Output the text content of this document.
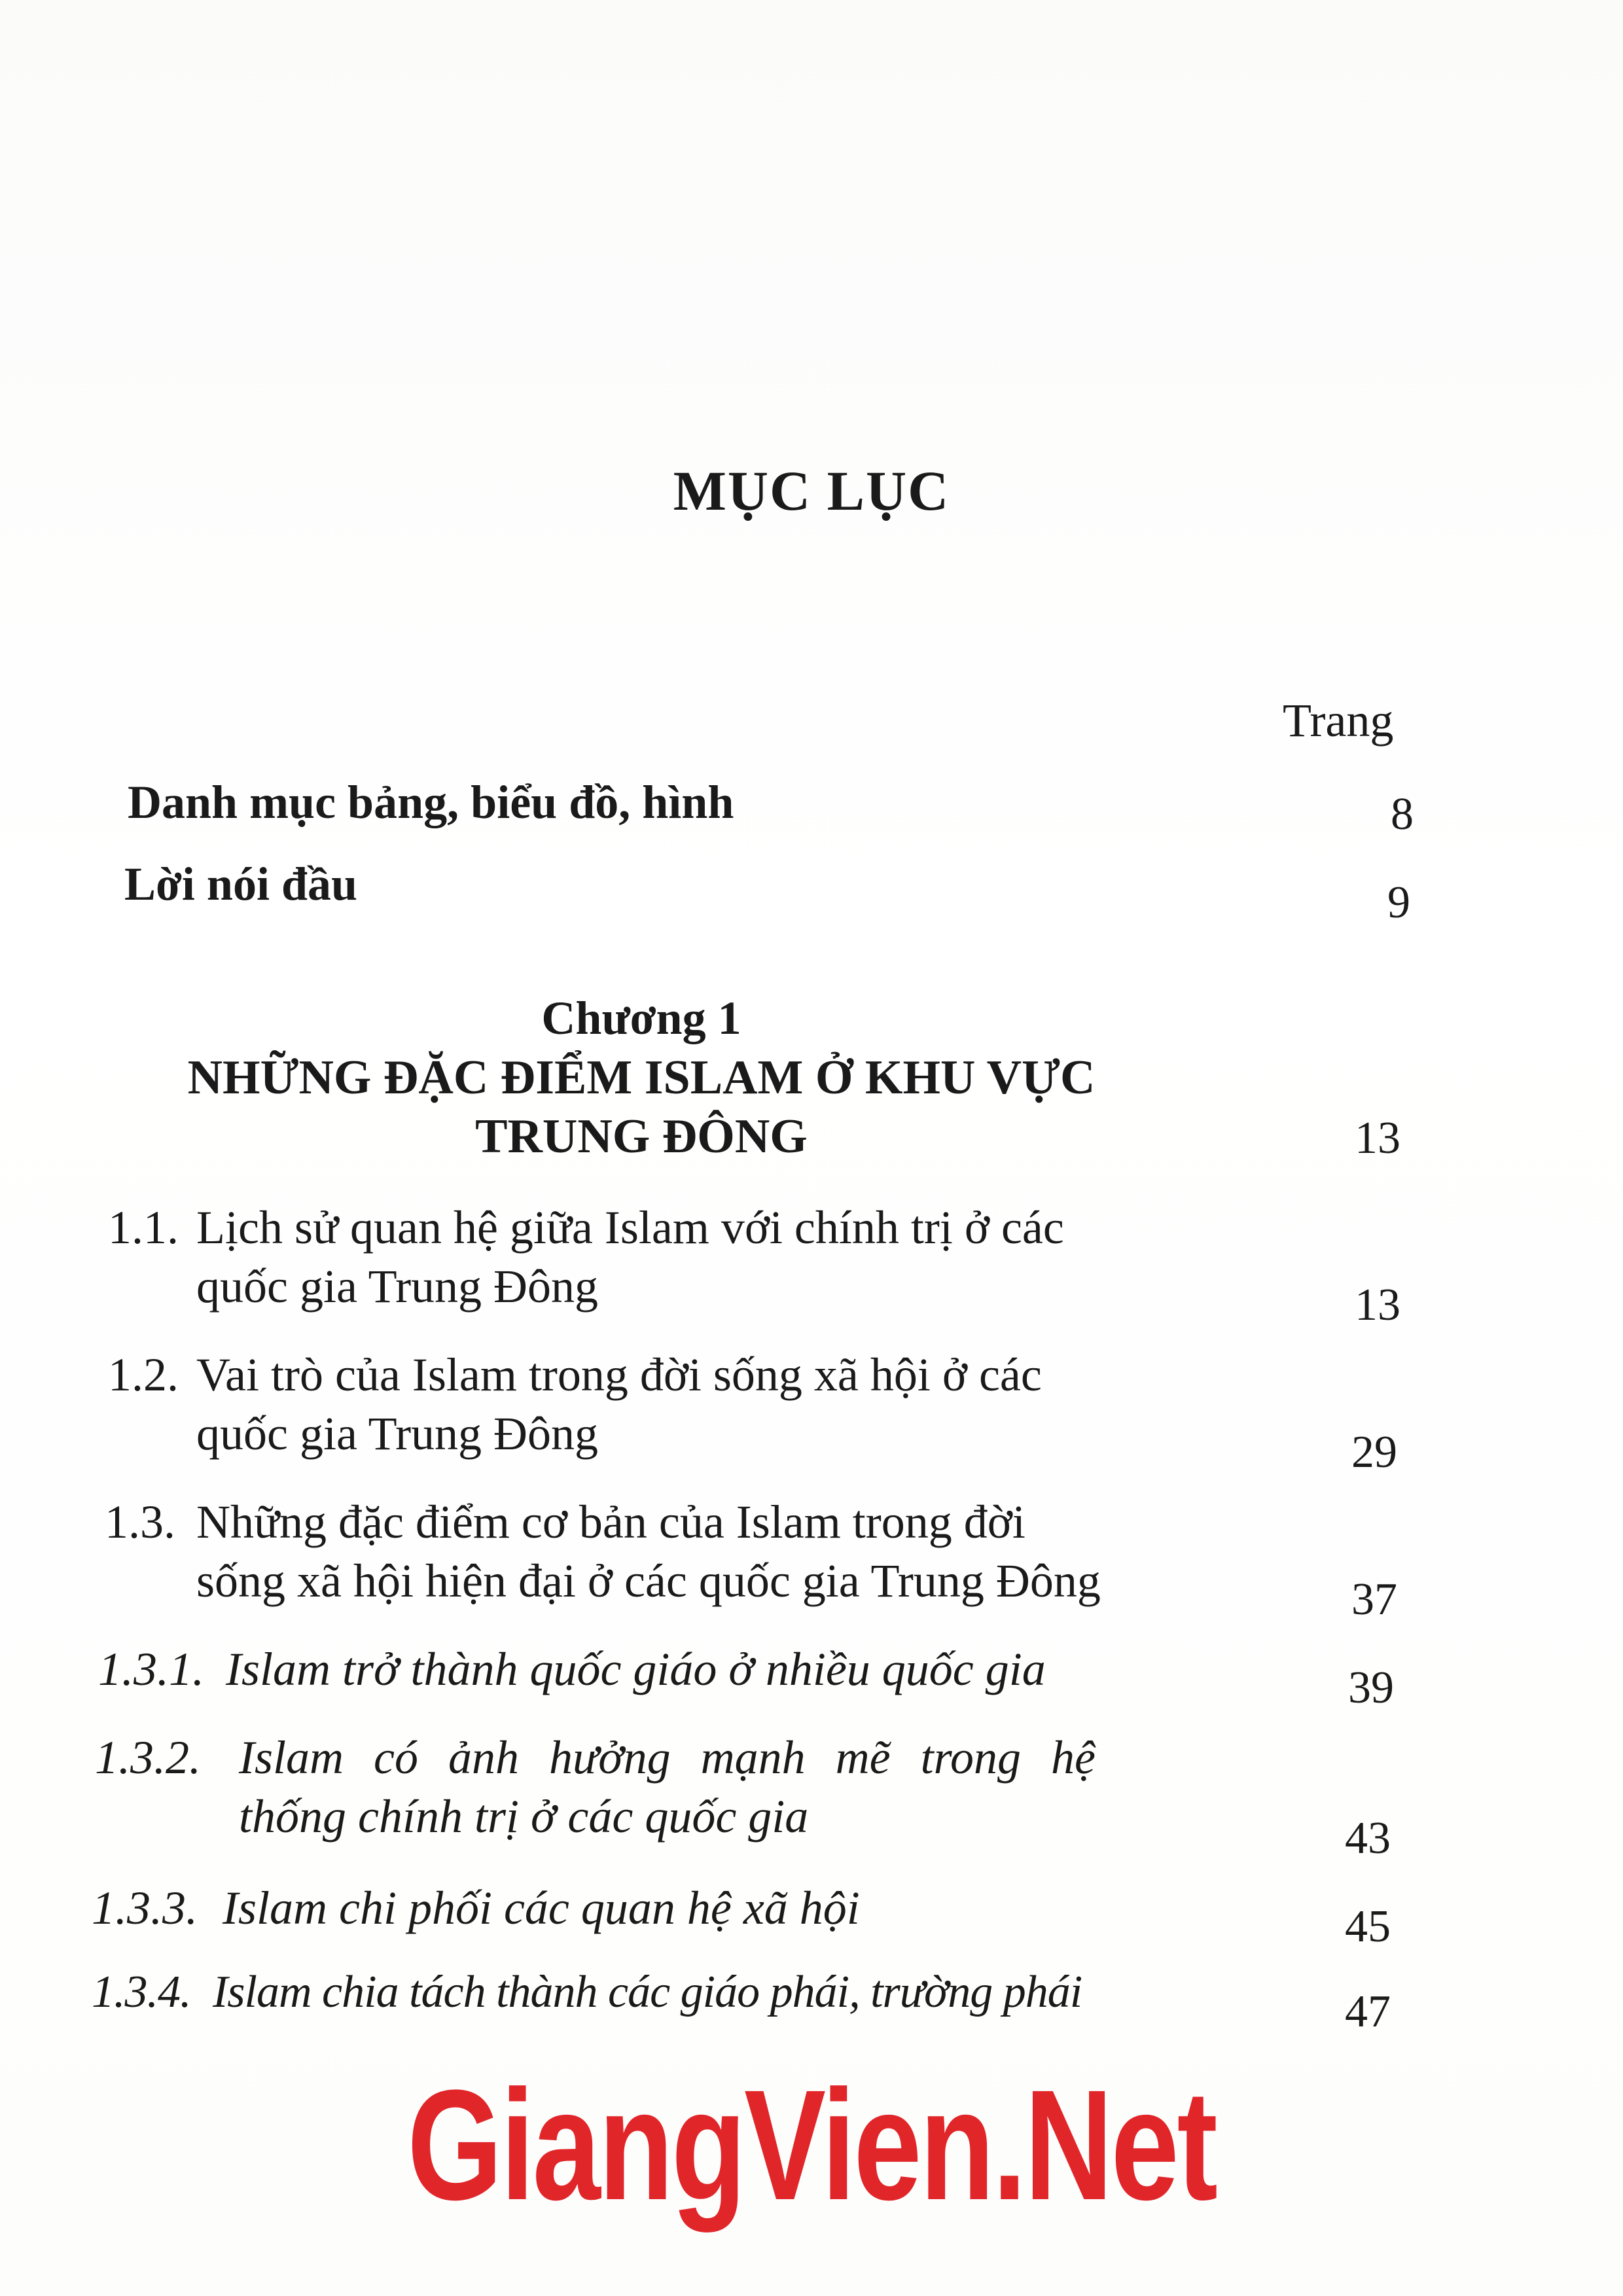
MỤC LỤC
Trang
Danh mục bảng, biểu đồ, hình	8
Lời nói đầu	9
Chương 1
NHỮNG ĐẶC ĐIỂM ISLAM Ở KHU VỰC
TRUNG ĐÔNG	13
1.1. Lịch sử quan hệ giữa Islam với chính trị ở các
quốc gia Trung Đông	13
1.2. Vai trò của Islam trong đời sống xã hội ở các
quốc gia Trung Đông	29
1.3. Những đặc điểm cơ bản của Islam trong đời
sống xã hội hiện đại ở các quốc gia Trung Đông	37
1.3.1. Islam trở thành quốc giáo ở nhiều quốc gia	39
1.3.2. Islam có ảnh hưởng mạnh mẽ trong hệ
thống chính trị ở các quốc gia	43
1.3.3. Islam chi phối các quan hệ xã hội	45
1.3.4. Islam chia tách thành các giáo phái, trường phái	47
GiangVien.Net
